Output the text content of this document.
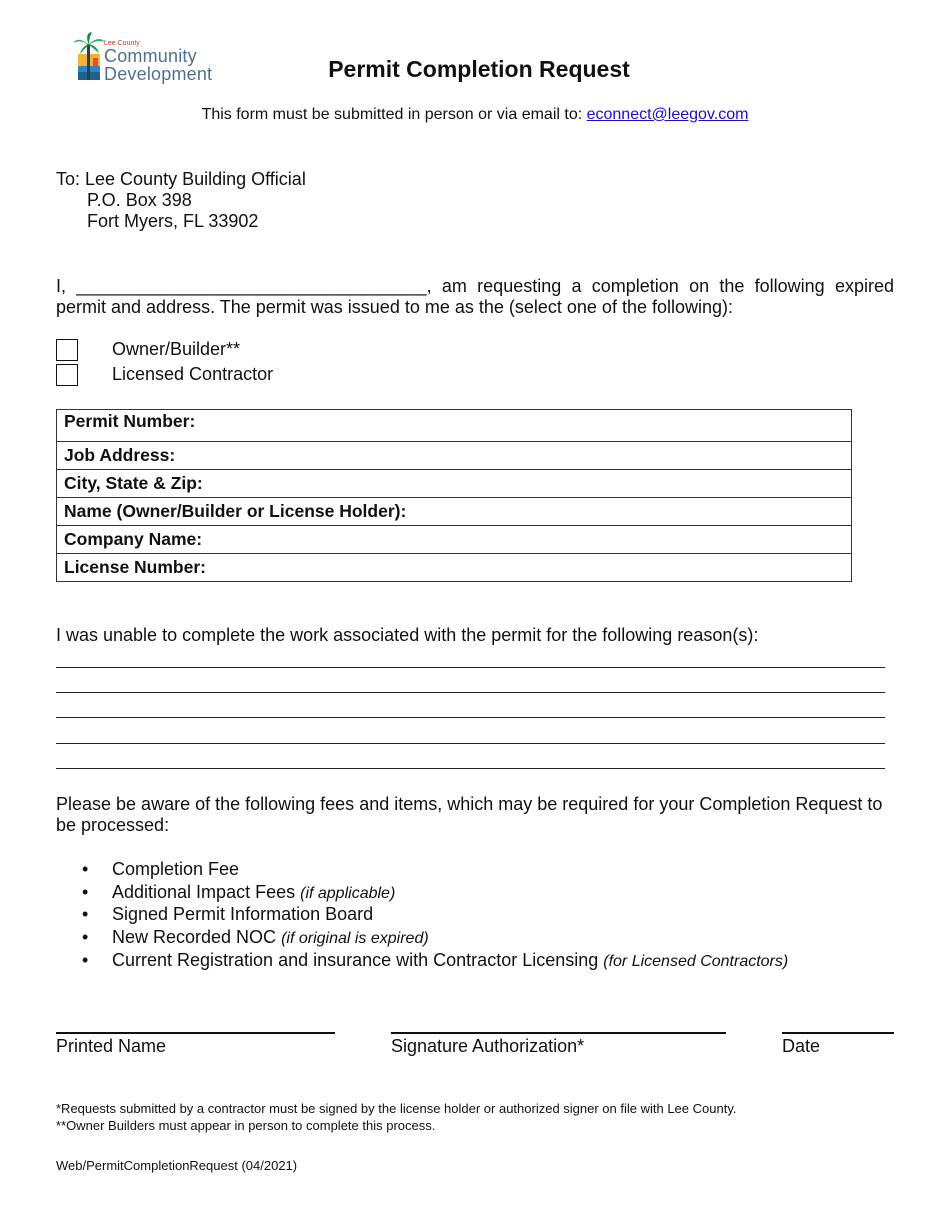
Lee County
Community
Development	Permit Completion Request
This form must be submitted in person or via email to: econnect@leegov.com
To: Lee County Building Official
P.O. Box 398
Fort Myers, FL 33902
I, ___________________________________, am requesting a completion on the following expired permit and address. The permit was issued to me as the (select one of the following):
Owner/Builder**
Licensed Contractor
Permit Number:
Job Address:
City, State & Zip:
Name (Owner/Builder or License Holder):
Company Name:
License Number:
I was unable to complete the work associated with the permit for the following reason(s):
Please be aware of the following fees and items, which may be required for your Completion Request to be processed:
• Completion Fee
• Additional Impact Fees (if applicable)
• Signed Permit Information Board
• New Recorded NOC (if original is expired)
• Current Registration and insurance with Contractor Licensing (for Licensed Contractors)
Printed Name	Signature Authorization*	Date
*Requests submitted by a contractor must be signed by the license holder or authorized signer on file with Lee County.
**Owner Builders must appear in person to complete this process.
Web/PermitCompletionRequest (04/2021)
